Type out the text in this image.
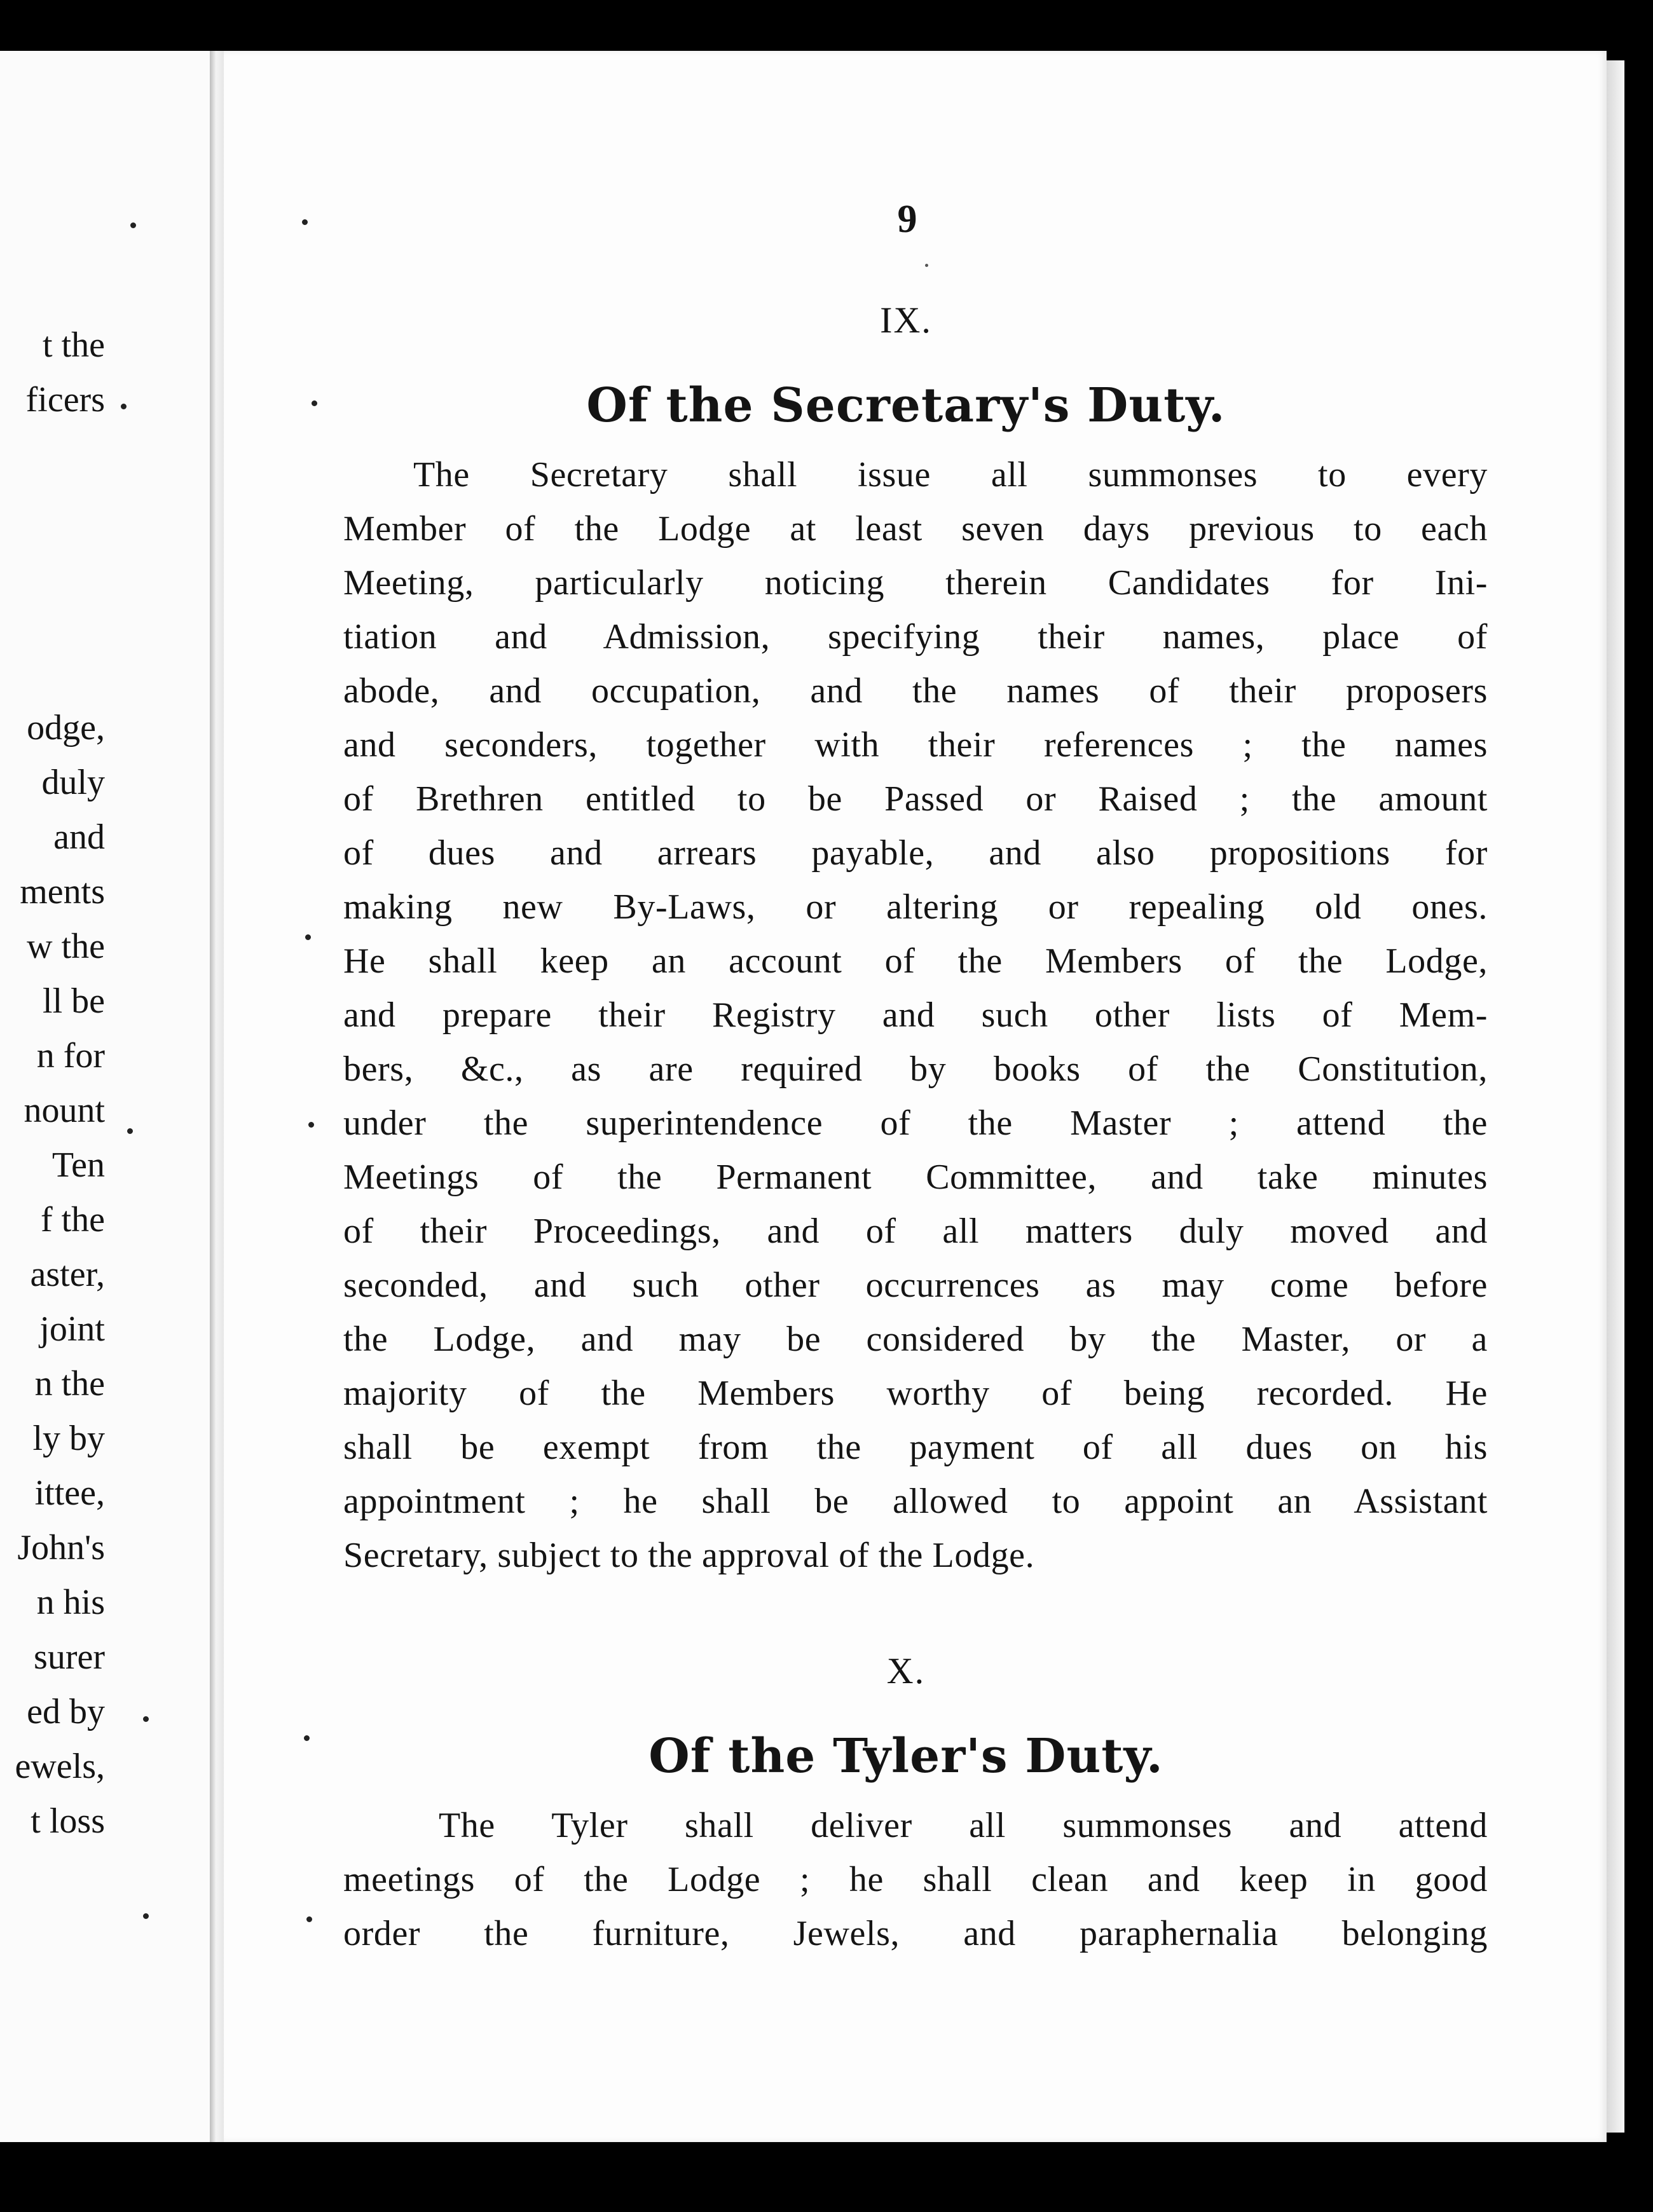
t the
ficers
odge,
duly
and
ments
w the
ll be
n for
nount
Ten
f the
aster,
joint
n the
ly by
ittee,
John's
n his
surer
ed by
ewels,
t loss
9
IX.
Of the Secretary's Duty.
The Secretary shall issue all summonses to every
Member of the Lodge at least seven days previous to each
Meeting, particularly noticing therein Candidates for Ini-
tiation and Admission, specifying their names, place of
abode, and occupation, and the names of their proposers
and seconders, together with their references ; the names
of Brethren entitled to be Passed or Raised ; the amount
of dues and arrears payable, and also propositions for
making new By-Laws, or altering or repealing old ones.
He shall keep an account of the Members of the Lodge,
and prepare their Registry and such other lists of Mem-
bers, &c., as are required by books of the Constitution,
under the superintendence of the Master ; attend the
Meetings of the Permanent Committee, and take minutes
of their Proceedings, and of all matters duly moved and
seconded, and such other occurrences as may come before
the Lodge, and may be considered by the Master, or a
majority of the Members worthy of being recorded. He
shall be exempt from the payment of all dues on his
appointment ; he shall be allowed to appoint an Assistant
Secretary, subject to the approval of the Lodge.
X.
Of the Tyler's Duty.
The Tyler shall deliver all summonses and attend
meetings of the Lodge ; he shall clean and keep in good
order the furniture, Jewels, and paraphernalia belonging
